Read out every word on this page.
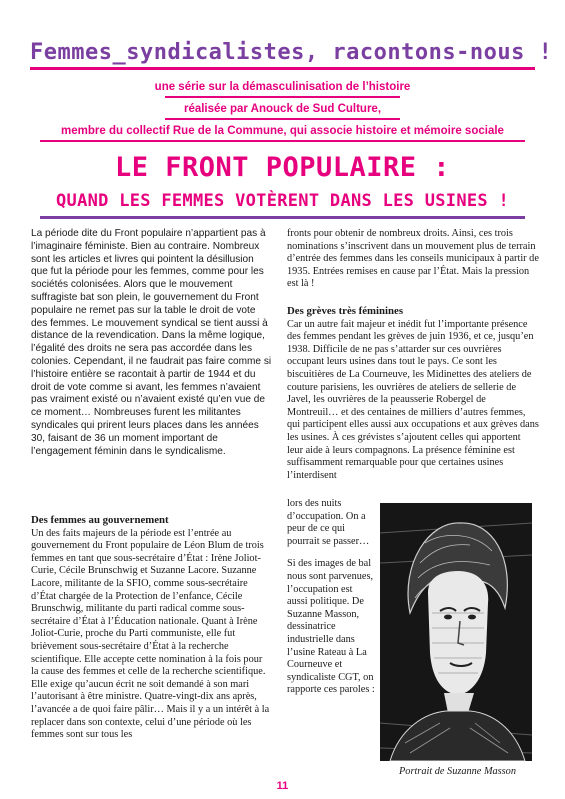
Femmes_syndicalistes, racontons-nous !
une série sur la démasculinisation de l’histoire
réalisée par Anouck de Sud Culture,
membre du collectif Rue de la Commune, qui associe histoire et mémoire sociale
LE FRONT POPULAIRE :
QUAND LES FEMMES VOTÈRENT DANS LES USINES !
La période dite du Front populaire n’appartient pas à l’imaginaire féministe. Bien au contraire. Nombreux sont les articles et livres qui pointent la désillusion que fut la période pour les femmes, comme pour les sociétés colonisées. Alors que le mouvement suffragiste bat son plein, le gouvernement du Front populaire ne remet pas sur la table le droit de vote des femmes. Le mouvement syndical se tient aussi à distance de la revendication. Dans la même logique, l’égalité des droits ne sera pas accordée dans les colonies. Cependant, il ne faudrait pas faire comme si l’histoire entière se racontait à partir de 1944 et du droit de vote comme si avant, les femmes n’avaient pas vraiment existé ou n’avaient existé qu’en vue de ce moment… Nombreuses furent les militantes syndicales qui prirent leurs places dans les années 30, faisant de 36 un moment important de l’engagement féminin dans le syndicalisme.

Des femmes au gouvernement

Un des faits majeurs de la période est l’entrée au gouvernement du Front populaire de Léon Blum de trois femmes en tant que sous-secrétaire d’État : Irène Joliot-Curie, Cécile Brunschwig et Suzanne Lacore. Suzanne Lacore, militante de la SFIO, comme sous-secrétaire d’État chargée de la Protection de l’enfance, Cécile Brunschwig, militante du parti radical comme sous-secrétaire d’État à l’Éducation nationale. Quant à Irène Joliot-Curie, proche du Parti communiste, elle fut brièvement sous-secrétaire d’État à la recherche scientifique. Elle accepte cette nomination à la fois pour la cause des femmes et celle de la recherche scientifique. Elle exige qu’aucun écrit ne soit demandé à son mari l’autorisant à être ministre. Quatre-vingt-dix ans après, l’avancée a de quoi faire pâlir… Mais il y a un intérêt à la replacer dans son contexte, celui d’une période où les femmes sont sur tous les

fronts pour obtenir de nombreux droits. Ainsi, ces trois nominations s’inscrivent dans un mouvement plus de terrain d’entrée des femmes dans les conseils municipaux à partir de 1935. Entrées remises en cause par l’État. Mais la pression est là !

Des grèves très féminines

Car un autre fait majeur et inédit fut l’importante présence des femmes pendant les grèves de juin 1936, et ce, jusqu’en 1938. Difficile de ne pas s’attarder sur ces ouvrières occupant leurs usines dans tout le pays. Ce sont les biscuitières de La Courneuve, les Midinettes des ateliers de couture parisiens, les ouvrières de ateliers de sellerie de Javel, les ouvrières de la peausserie Robergel de Montreuil… et des centaines de milliers d’autres femmes, qui participent elles aussi aux occupations et aux grèves dans les usines. À ces grévistes s’ajoutent celles qui apportent leur aide à leurs compagnons. La présence féminine est suffisamment remarquable pour que certaines usines l’interdisent

lors des nuits d’occupation. On a peur de ce qui pourrait se passer…

Si des images de bal nous sont parvenues, l’occupation est aussi politique. De Suzanne Masson, dessinatrice industrielle dans l’usine Rateau à La Courneuve et syndicaliste CGT, on rapporte ces paroles :

Portrait de Suzanne Masson
11
